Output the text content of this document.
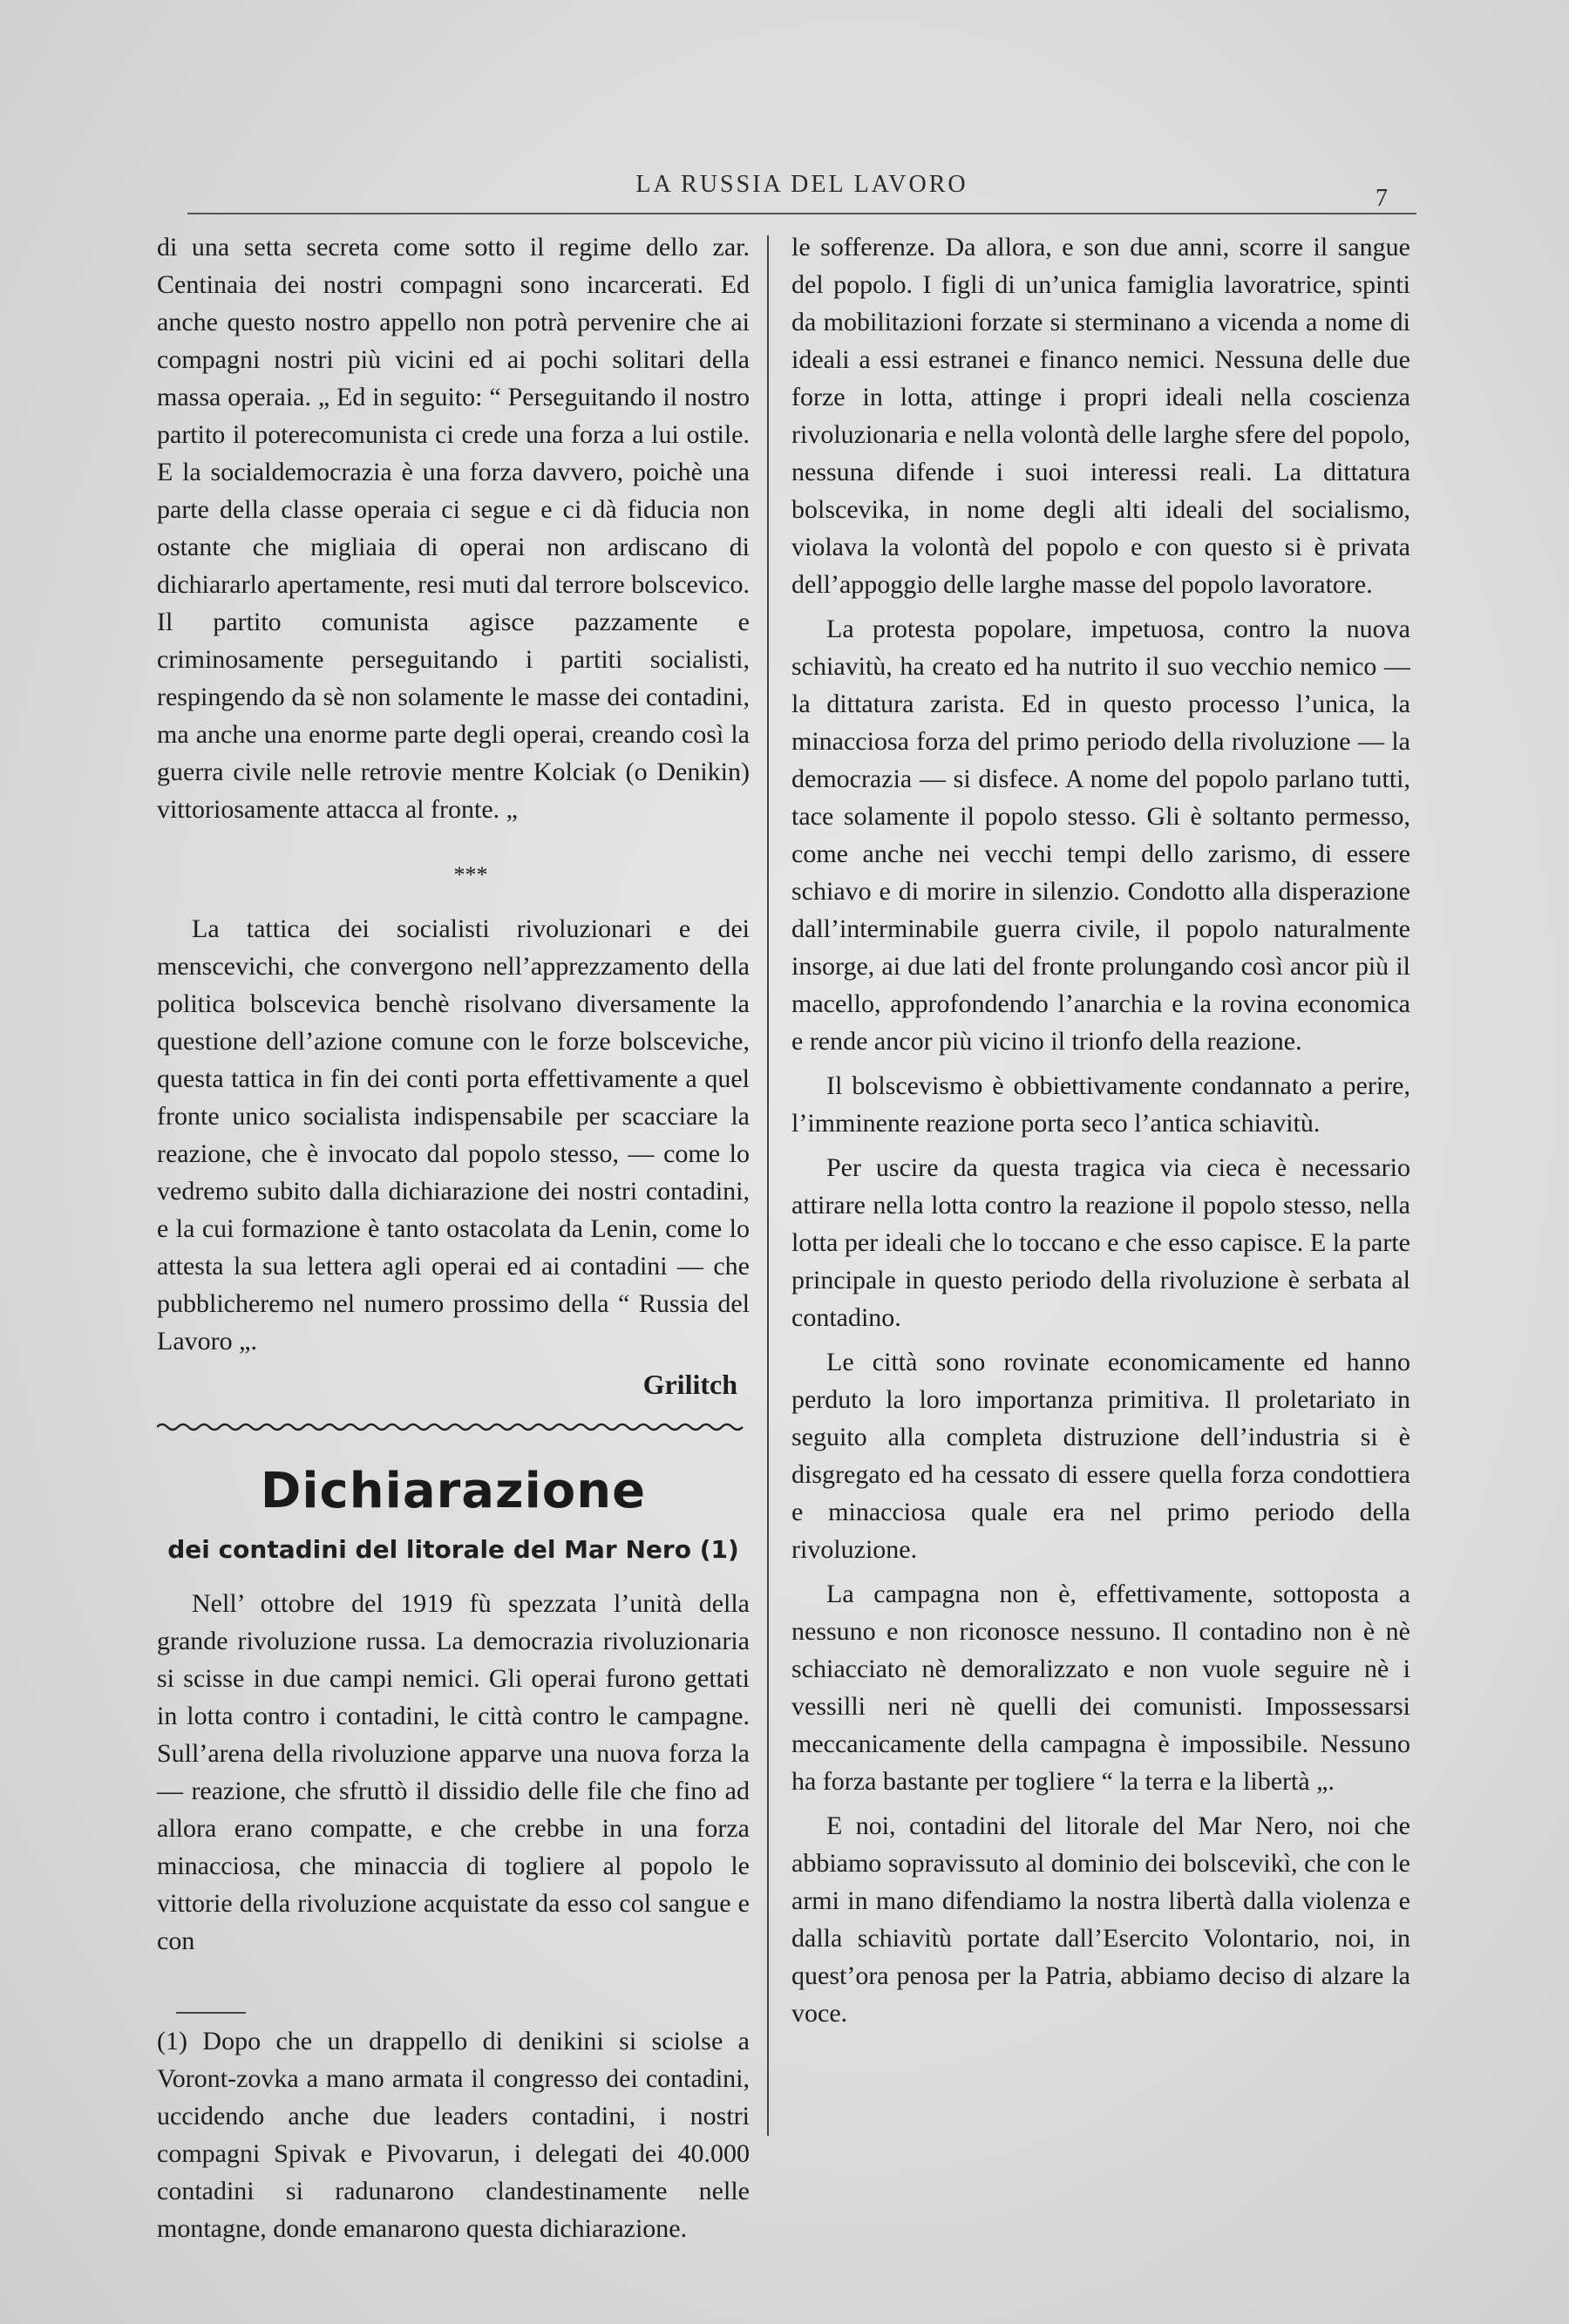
LA RUSSIA DEL LAVORO
7

di una setta secreta come sotto il regime dello zar. Centinaia dei nostri compagni sono incarcerati. Ed anche questo nostro appello non potrà pervenire che ai compagni nostri più vicini ed ai pochi solitari della massa operaia. „ Ed in seguito: “ Perseguitando il nostro partito il poterecomunista ci crede una forza a lui ostile. E la socialdemocrazia è una forza davvero, poichè una parte della classe operaia ci segue e ci dà fiducia non ostante che migliaia di operai non ardiscano di dichiararlo apertamente, resi muti dal terrore bolscevico. Il partito comunista agisce pazzamente e criminosamente perseguitando i partiti socialisti, respingendo da sè non solamente le masse dei contadini, ma anche una enorme parte degli operai, creando così la guerra civile nelle retrovie mentre Kolciak (o Denikin) vittoriosamente attacca al fronte. „

***

La tattica dei socialisti rivoluzionari e dei menscevichi, che convergono nell’apprezzamento della politica bolscevica benchè risolvano diversamente la questione dell’azione comune con le forze bolsceviche, questa tattica in fin dei conti porta effettivamente a quel fronte unico socialista indispensabile per scacciare la reazione, che è invocato dal popolo stesso, — come lo vedremo subito dalla dichiarazione dei nostri contadini, e la cui formazione è tanto ostacolata da Lenin, come lo attesta la sua lettera agli operai ed ai contadini — che pubblicheremo nel numero prossimo della “ Russia del Lavoro „.

Grilitch
Dichiarazione
dei contadini del litorale del Mar Nero (1)

Nell’ ottobre del 1919 fù spezzata l’unità della grande rivoluzione russa. La democrazia rivoluzionaria si scisse in due campi nemici. Gli operai furono gettati in lotta contro i contadini, le città contro le campagne. Sull’arena della rivoluzione apparve una nuova forza la — reazione, che sfruttò il dissidio delle file che fino ad allora erano compatte, e che crebbe in una forza minacciosa, che minaccia di togliere al popolo le vittorie della rivoluzione acquistate da esso col sangue e con

(1) Dopo che un drappello di denikini si sciolse a Voront-zovka a mano armata il congresso dei contadini, uccidendo anche due leaders contadini, i nostri compagni Spivak e Pivovarun, i delegati dei 40.000 contadini si radunarono clandestinamente nelle montagne, donde emanarono questa dichiarazione.

le sofferenze. Da allora, e son due anni, scorre il sangue del popolo. I figli di un’unica famiglia lavoratrice, spinti da mobilitazioni forzate si sterminano a vicenda a nome di ideali a essi estranei e financo nemici. Nessuna delle due forze in lotta, attinge i propri ideali nella coscienza rivoluzionaria e nella volontà delle larghe sfere del popolo, nessuna difende i suoi interessi reali. La dittatura bolscevika, in nome degli alti ideali del socialismo, violava la volontà del popolo e con questo si è privata dell’appoggio delle larghe masse del popolo lavoratore.

La protesta popolare, impetuosa, contro la nuova schiavitù, ha creato ed ha nutrito il suo vecchio nemico — la dittatura zarista. Ed in questo processo l’unica, la minacciosa forza del primo periodo della rivoluzione — la democrazia — si disfece. A nome del popolo parlano tutti, tace solamente il popolo stesso. Gli è soltanto permesso, come anche nei vecchi tempi dello zarismo, di essere schiavo e di morire in silenzio. Condotto alla disperazione dall’interminabile guerra civile, il popolo naturalmente insorge, ai due lati del fronte prolungando così ancor più il macello, approfondendo l’anarchia e la rovina economica e rende ancor più vicino il trionfo della reazione.

Il bolscevismo è obbiettivamente condannato a perire, l’imminente reazione porta seco l’antica schiavitù.

Per uscire da questa tragica via cieca è necessario attirare nella lotta contro la reazione il popolo stesso, nella lotta per ideali che lo toccano e che esso capisce. E la parte principale in questo periodo della rivoluzione è serbata al contadino.

Le città sono rovinate economicamente ed hanno perduto la loro importanza primitiva. Il proletariato in seguito alla completa distruzione dell’industria si è disgregato ed ha cessato di essere quella forza condottiera e minacciosa quale era nel primo periodo della rivoluzione.

La campagna non è, effettivamente, sottoposta a nessuno e non riconosce nessuno. Il contadino non è nè schiacciato nè demoralizzato e non vuole seguire nè i vessilli neri nè quelli dei comunisti. Impossessarsi meccanicamente della campagna è impossibile. Nessuno ha forza bastante per togliere “ la terra e la libertà „.

E noi, contadini del litorale del Mar Nero, noi che abbiamo sopravissuto al dominio dei bolscevikì, che con le armi in mano difendiamo la nostra libertà dalla violenza e dalla schiavitù portate dall’Esercito Volontario, noi, in quest’ora penosa per la Patria, abbiamo deciso di alzare la voce.
